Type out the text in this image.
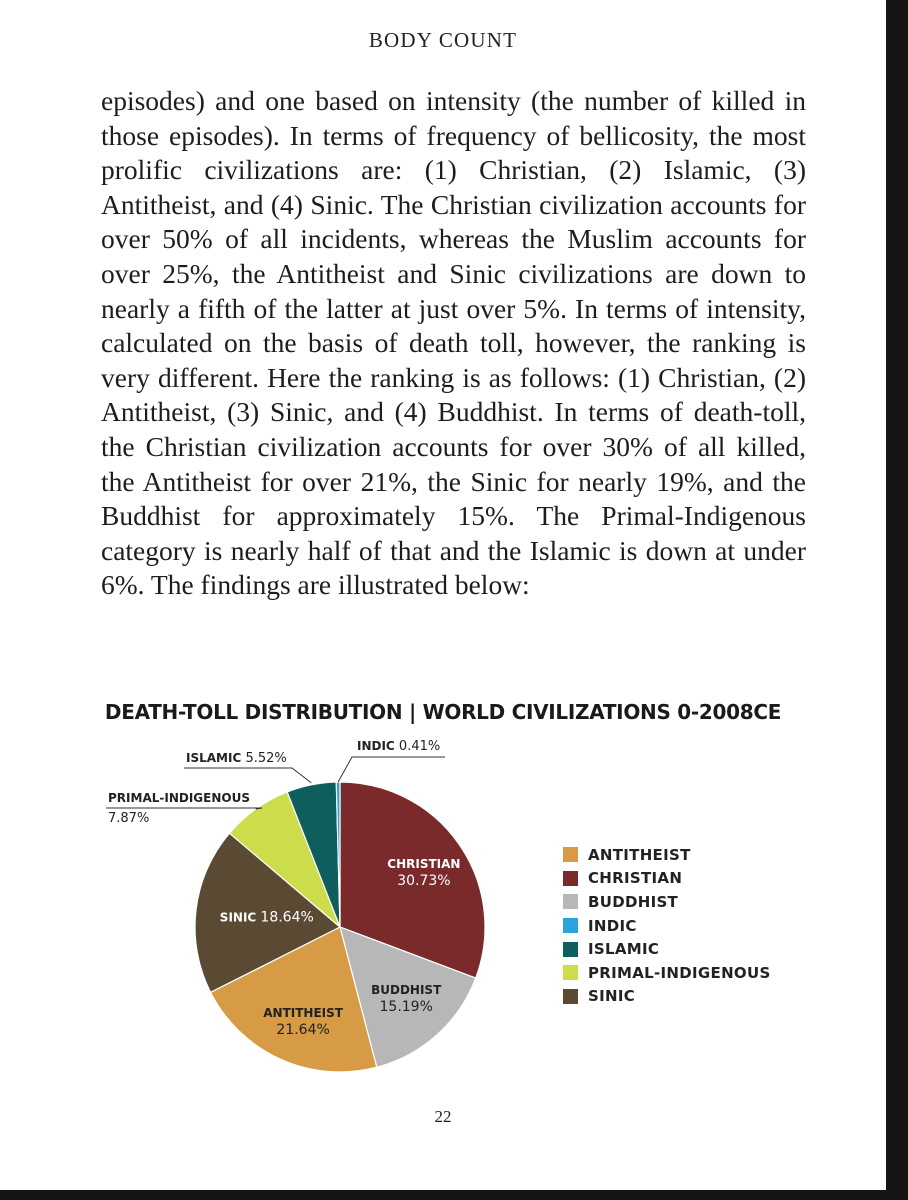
BODY COUNT

episodes) and one based on intensity (the number of killed in those episodes). In terms of frequency of bellicosity, the most prolific civilizations are: (1) Christian, (2) Islamic, (3) Antitheist, and (4) Sinic. The Christian civilization accounts for over 50% of all incidents, whereas the Muslim accounts for over 25%, the Antitheist and Sinic civilizations are down to nearly a fifth of the latter at just over 5%. In terms of intensity, calculated on the basis of death toll, however, the ranking is very different. Here the ranking is as follows: (1) Christian, (2) Antitheist, (3) Sinic, and (4) Buddhist. In terms of death-toll, the Christian civilization accounts for over 30% of all killed, the Antitheist for over 21%, the Sinic for nearly 19%, and the Buddhist for approximately 15%. The Primal-Indigenous category is nearly half of that and the Islamic is down at under 6%. The findings are illustrated below:

DEATH-TOLL DISTRIBUTION | WORLD CIVILIZATIONS 0-2008CE
CHRISTIAN
30.73%
BUDDHIST
15.19%
ANTITHEIST
21.64%
SINIC 18.64%
INDIC 0.41%
ISLAMIC 5.52%
PRIMAL-INDIGENOUS
7.87%
ANTITHEIST
CHRISTIAN
BUDDHIST
INDIC
ISLAMIC
PRIMAL-INDIGENOUS
SINIC
22
